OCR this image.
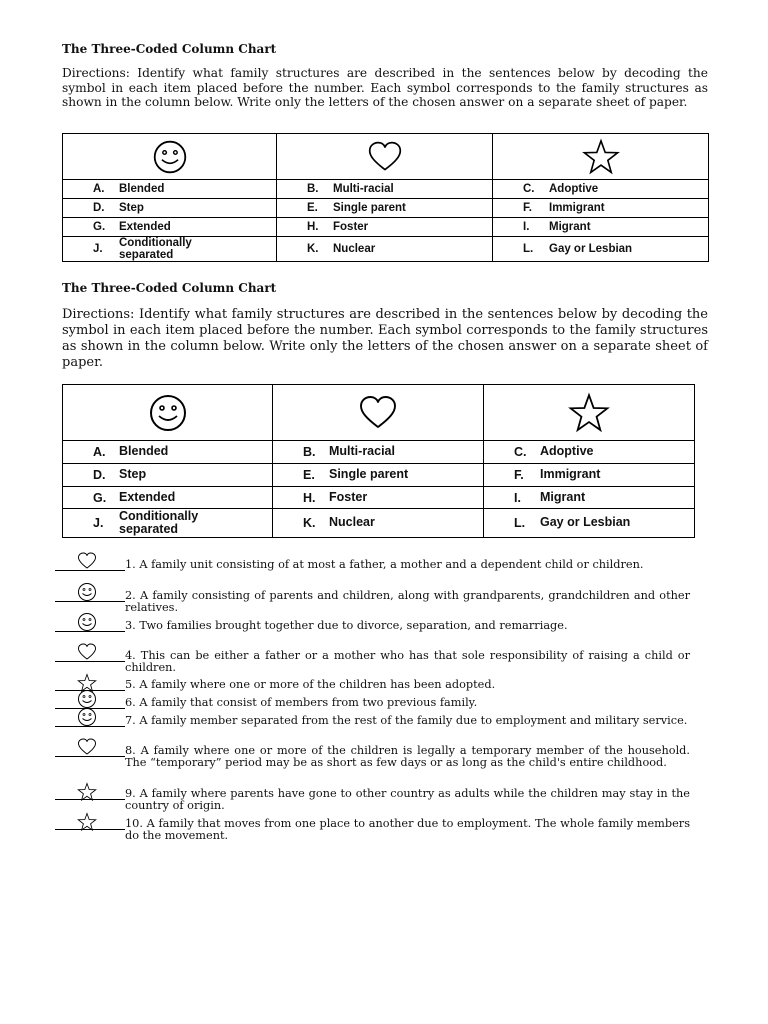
The Three-Coded Column Chart

Directions: Identify what family structures are described in the sentences below by decoding the symbol in each item placed before the number. Each symbol corresponds to the family structures as shown in the column below. Write only the letters of the chosen answer on a separate sheet of paper.

A. Blended	B. Multi-racial	C. Adoptive

D. Step	E. Single parent	F. Immigrant

G. Extended	H. Foster	I. Migrant

J.
Conditionally separated	K. Nuclear	L. Gay or Lesbian

The Three-Coded Column Chart

Directions: Identify what family structures are described in the sentences below by decoding the symbol in each item placed before the number. Each symbol corresponds to the family structures as shown in the column below. Write only the letters of the chosen answer on a separate sheet of paper.

A. Blended	B. Multi-racial	C. Adoptive

D. Step	E. Single parent	F. Immigrant

G. Extended	H. Foster	I. Migrant

J.
Conditionally separated	K. Nuclear	L. Gay or Lesbian
1. A family unit consisting of at most a father, a mother and a dependent child or children.
2. A family consisting of parents and children, along with grandparents, grandchildren and other relatives.
3. Two families brought together due to divorce, separation, and remarriage.
4. This can be either a father or a mother who has that sole responsibility of raising a child or children.
5. A family where one or more of the children has been adopted.
6. A family that consist of members from two previous family.
7. A family member separated from the rest of the family due to employment and military service.
8. A family where one or more of the children is legally a temporary member of the household. The “temporary” period may be as short as few days or as long as the child's entire childhood.
9. A family where parents have gone to other country as adults while the children may stay in the country of origin.
10. A family that moves from one place to another due to employment. The whole family members do the movement.
